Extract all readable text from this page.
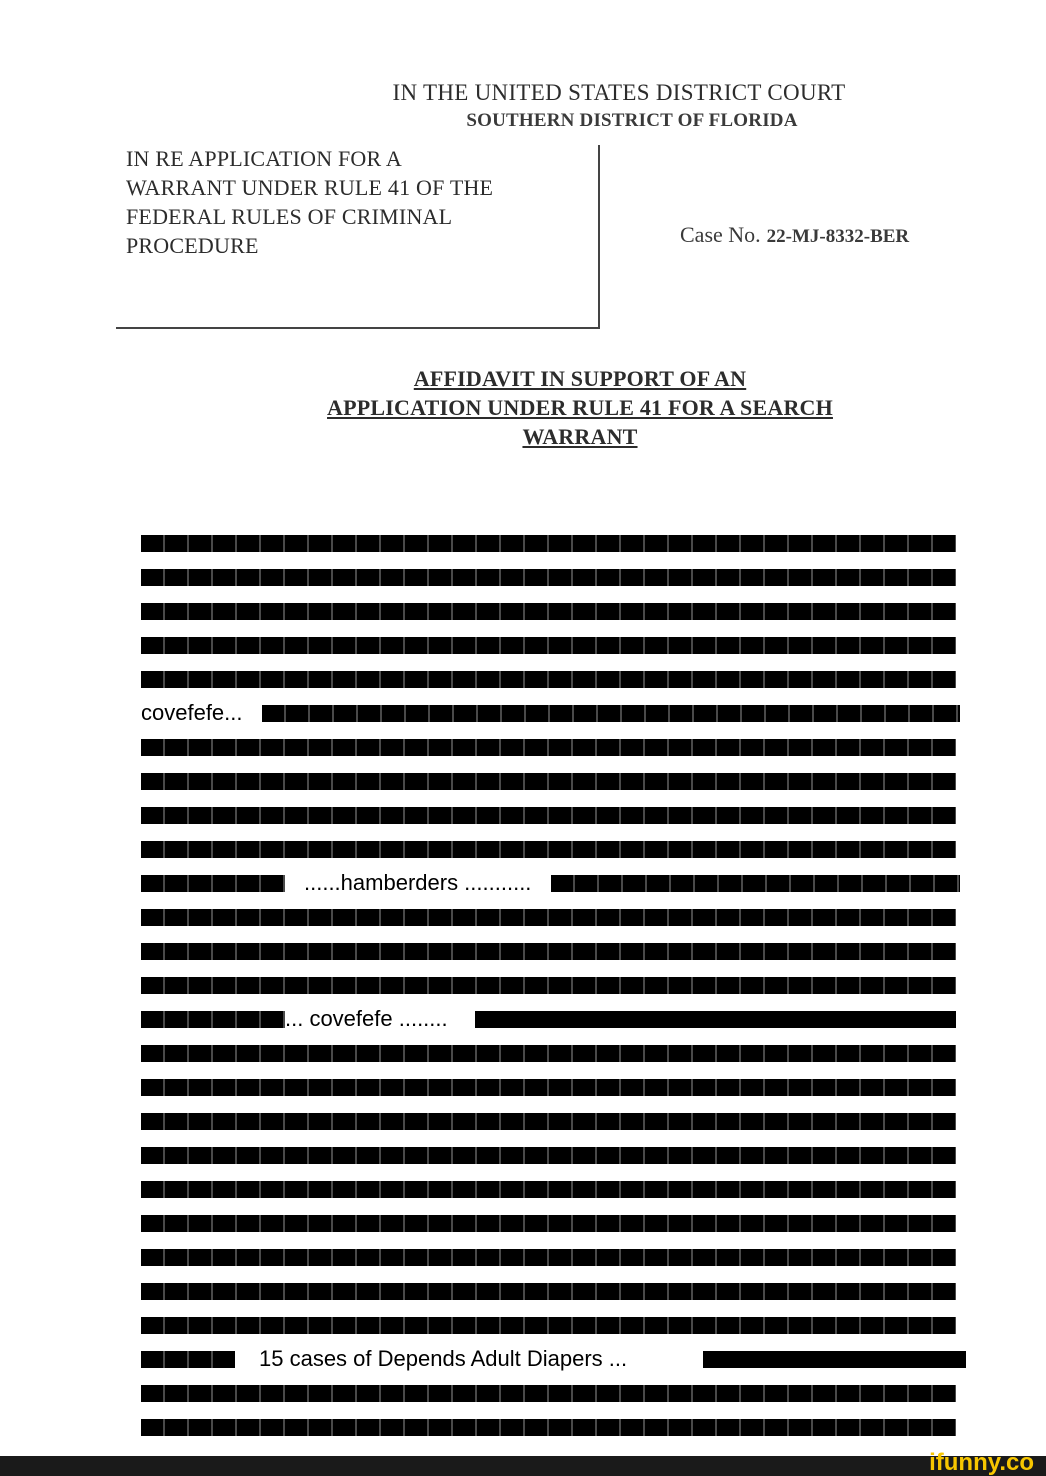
IN THE UNITED STATES DISTRICT COURT
SOUTHERN DISTRICT OF FLORIDA
IN RE APPLICATION FOR A
WARRANT UNDER RULE 41 OF THE
FEDERAL RULES OF CRIMINAL
PROCEDURE	Case No. 22-MJ-8332-BER
AFFIDAVIT IN SUPPORT OF AN
APPLICATION UNDER RULE 41 FOR A SEARCH
WARRANT
covefefe...
......hamberders ...........
... covefefe ........
15 cases of Depends Adult Diapers ...
ifunny.co
